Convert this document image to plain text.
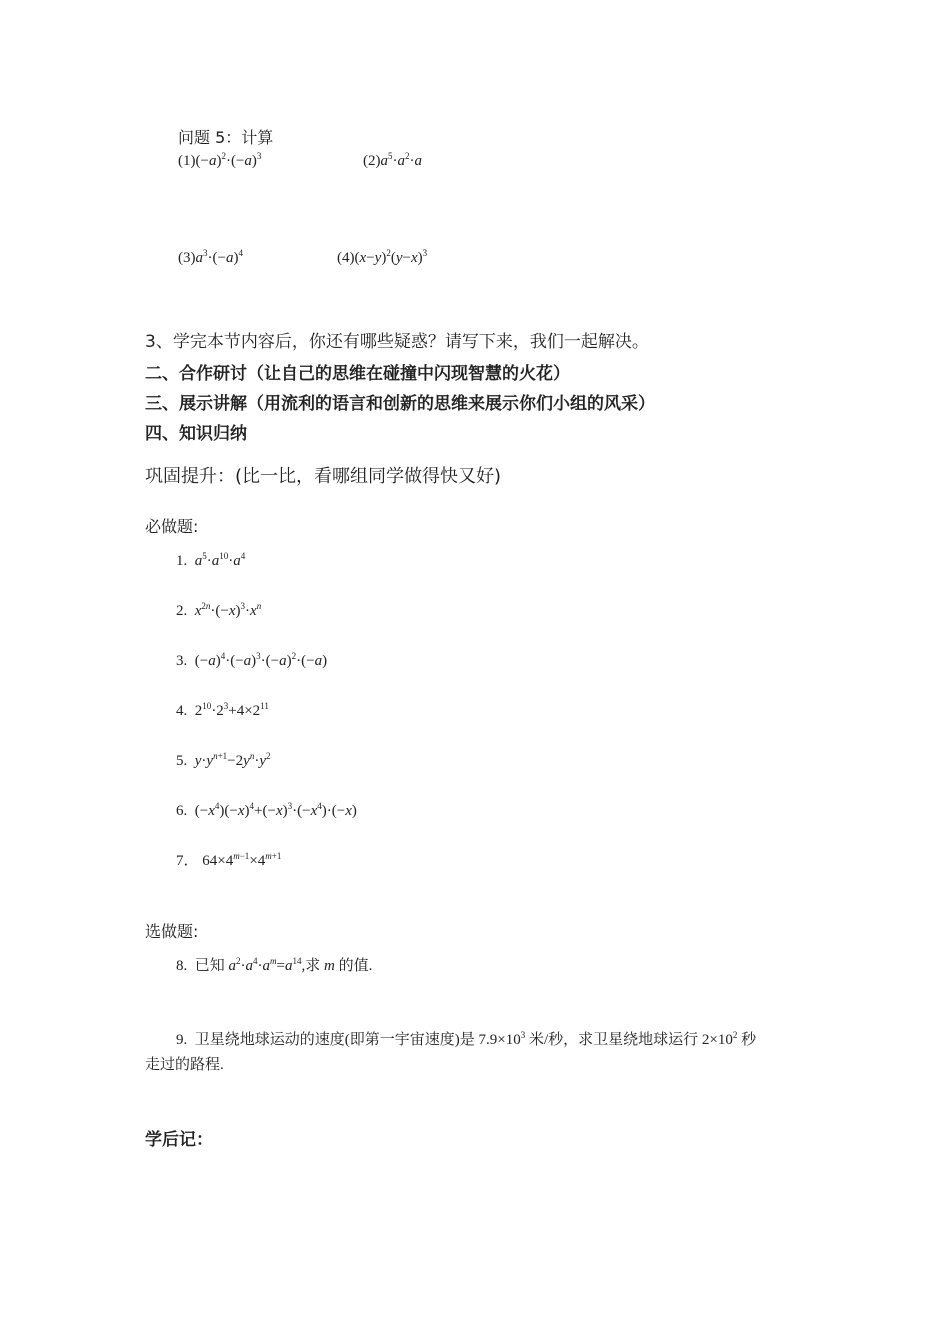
问题 5：计算
$(1)(-a)^2\cdot(-a)^3$	$(2)a^5\cdot a^2\cdot a$
$(3)a^3\cdot(-a)^4$	$(4)(x-y)^2(y-x)^3$
3、学完本节内容后，你还有哪些疑惑？请写下来，我们一起解决。
二、合作研讨（让自己的思维在碰撞中闪现智慧的火花）
三、展示讲解（用流利的语言和创新的思维来展示你们小组的风采）
四、知识归纳
巩固提升：(比一比，看哪组同学做得快又好)
必做题:
1. $a^5\cdot a^{10}\cdot a^4$
2. $x^{2n}\cdot(-x)^3\cdot x^n$
3.  $(-a)^4\cdot(-a)^3\cdot(-a)^2\cdot(-a)$
4.  $2^{10}\cdot 2^3+4\times 2^{11}$
5. $y\cdot y^{n+1}-2y^n\cdot y^2$
6.  $(-x^4)(-x)^4+(-x)^3\cdot(-x^4)\cdot(-x)$
7． $64\times 4^{m-1}\times 4^{m+1}$
选做题:
8. 已知 $a^2\cdot a^4\cdot a^m=a^{14}$,求 m 的值.
9. 卫星绕地球运动的速度(即第一宇宙速度)是 $7.9\times 10^3$ 米/秒，求卫星绕地球运行 $2\times 10^2$ 秒
走过的路程.
学后记：
